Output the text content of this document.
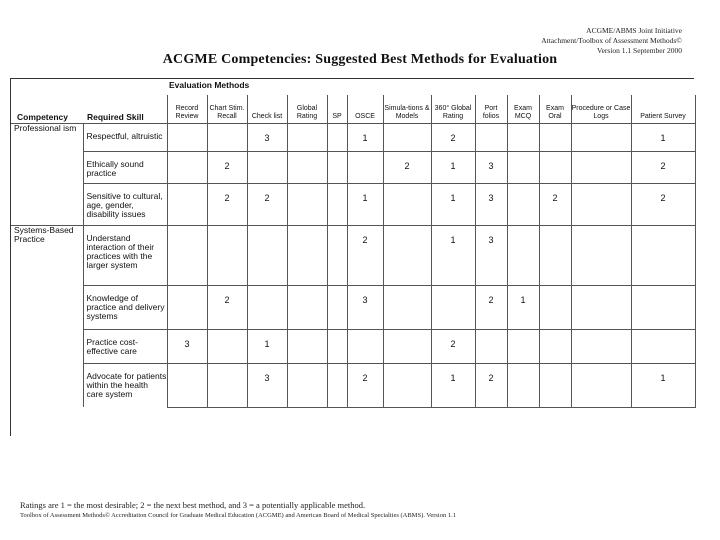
ACGME/ABMS Joint Initiative
Attachment/Toolbox of Assessment Methods©
Version 1.1 September 2000
ACGME Competencies: Suggested Best Methods for Evaluation
		Evaluation Methods												
Competency	Required Skill	Record Review	Chart Stim. Recall	Check list	Global Rating	SP	OSCE	Simula-tions & Models	360° Global Rating	Port folios	Exam MCQ	Exam Oral	Procedure or Case Logs	Patient Survey
Professional ism	Respectful, altruistic			3			1		2					1
	Ethically sound practice		2					2	1	3				2
	Sensitive to cultural, age, gender, disability issues		2	2			1		1	3		2		2
Systems-Based Practice	Understand interaction of their practices with the larger system						2		1	3				
	Knowledge of practice and delivery systems		2				3			2	1			
	Practice cost-effective care	3		1					2					
	Advocate for patients within the health care system			3			2		1	2				1
Ratings are 1 = the most desirable; 2 = the next best method, and 3 = a potentially applicable method.
Toolbox of Assessment Methods© Accreditation Council for Graduate Medical Education (ACGME) and American Board of Medical Specialties (ABMS). Version 1.1
